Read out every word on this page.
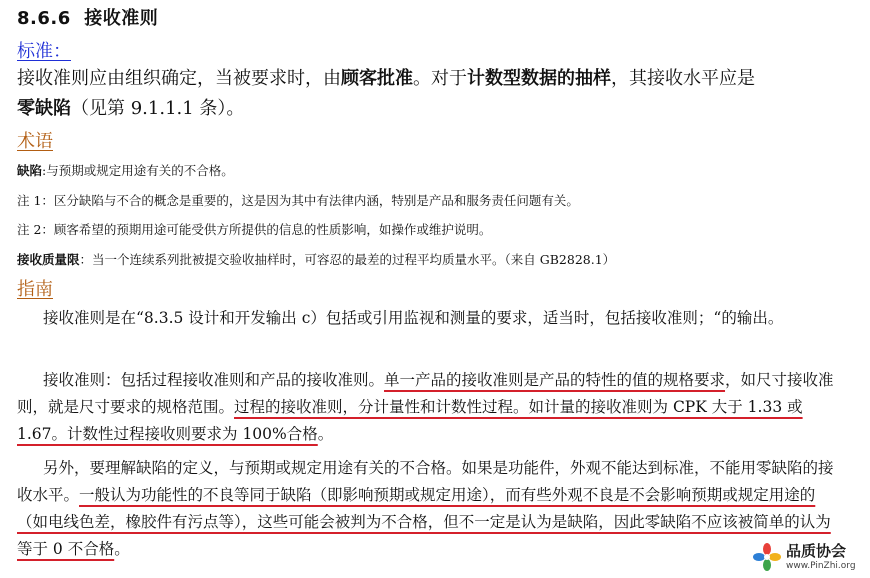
8.6.6 接收准则
标准：

接收准则应由组织确定，当被要求时，由顾客批准。对于计数型数据的抽样，其接收水平应是
零缺陷（见第 9.1.1.1 条）。

术语

缺陷:与预期或规定用途有关的不合格。

注 1：区分缺陷与不合的概念是重要的，这是因为其中有法律内涵，特别是产品和服务责任问题有关。

注 2：顾客希望的预期用途可能受供方所提供的信息的性质影响，如操作或维护说明。

接收质量限：当一个连续系列批被提交验收抽样时，可容忍的最差的过程平均质量水平。（来自 GB2828.1）

指南

接收准则是在“8.3.5 设计和开发输出 c）包括或引用监视和测量的要求，适当时，包括接收准则；“的输出。

接收准则：包括过程接收准则和产品的接收准则。单一产品的接收准则是产品的特性的值的规格要求，如尺寸接收准则，就是尺寸要求的规格范围。过程的接收准则，分计量性和计数性过程。如计量的接收准则为 CPK 大于 1.33 或 1.67。计数性过程接收则要求为 100%合格。

另外，要理解缺陷的定义，与预期或规定用途有关的不合格。如果是功能件，外观不能达到标准，不能用零缺陷的接收水平。一般认为功能性的不良等同于缺陷（即影响预期或规定用途），而有些外观不良是不会影响预期或规定用途的（如电线色差，橡胶件有污点等），这些可能会被判为不合格，但不一定是认为是缺陷，因此零缺陷不应该被简单的认为等于 0 不合格。	品质协会
www.PinZhi.org
